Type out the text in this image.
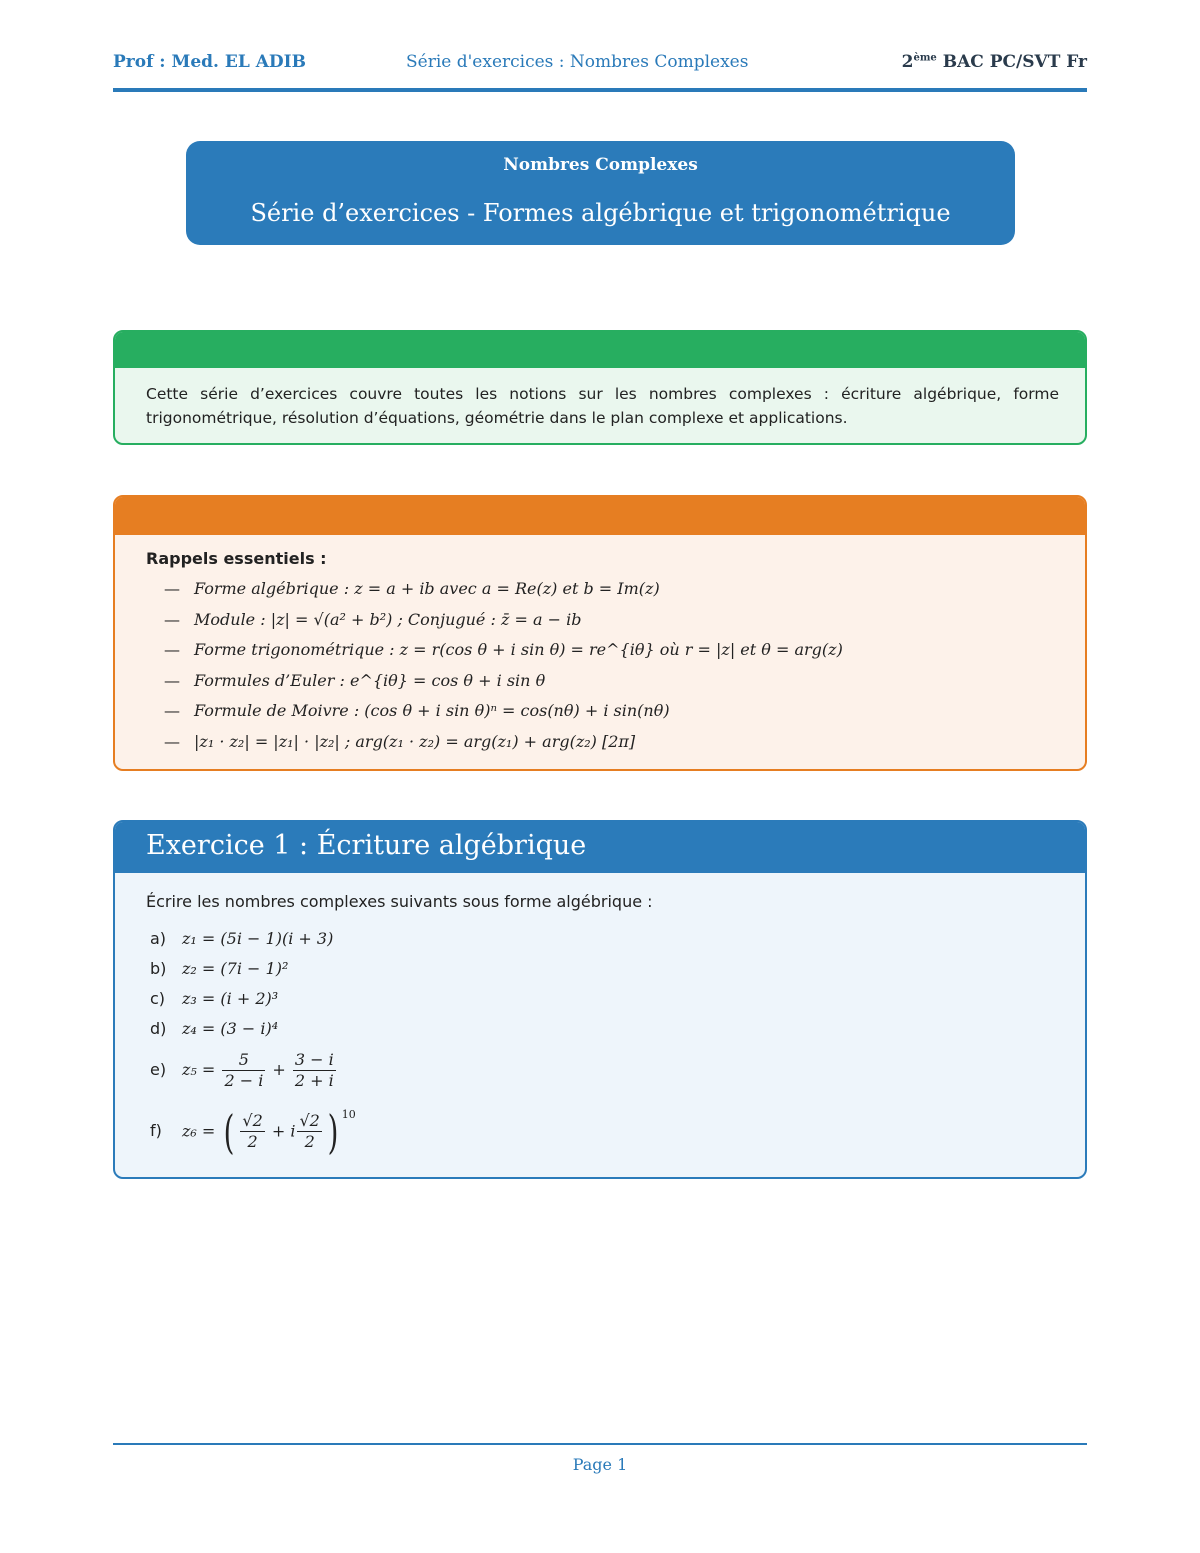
Prof : Med. EL ADIB	Série d'exercices : Nombres Complexes	2ème BAC PC/SVT Fr
Nombres Complexes
Série d’exercices - Formes algébrique et trigonométrique

Cette série d’exercices couvre toutes les notions sur les nombres complexes : écriture algébrique, forme trigonométrique, résolution d’équations, géométrie dans le plan complexe et applications.

Rappels essentiels :
— Forme algébrique : z = a + ib avec a = Re(z) et b = Im(z)
— Module : |z| = √(a² + b²) ; Conjugué : z̄ = a − ib
— Forme trigonométrique : z = r(cos θ + i sin θ) = re^{iθ} où r = |z| et θ = arg(z)
— Formules d’Euler : e^{iθ} = cos θ + i sin θ
— Formule de Moivre : (cos θ + i sin θ)ⁿ = cos(nθ) + i sin(nθ)
— |z₁ · z₂| = |z₁| · |z₂| ; arg(z₁ · z₂) = arg(z₁) + arg(z₂) [2π]
Exercice 1 : Écriture algébrique
Écrire les nombres complexes suivants sous forme algébrique :
a) z₁ = (5i − 1)(i + 3)
b) z₂ = (7i − 1)²
c) z₃ = (i + 2)³
d) z₄ = (3 − i)⁴
e) $z_5 = \frac{5}{2 - i} + \frac{3 - i}{2 + i}$
f) z₆ = ( $\frac{√2}{2} + i \frac{√2}{2}$ ) $^{10}$
Page 1
